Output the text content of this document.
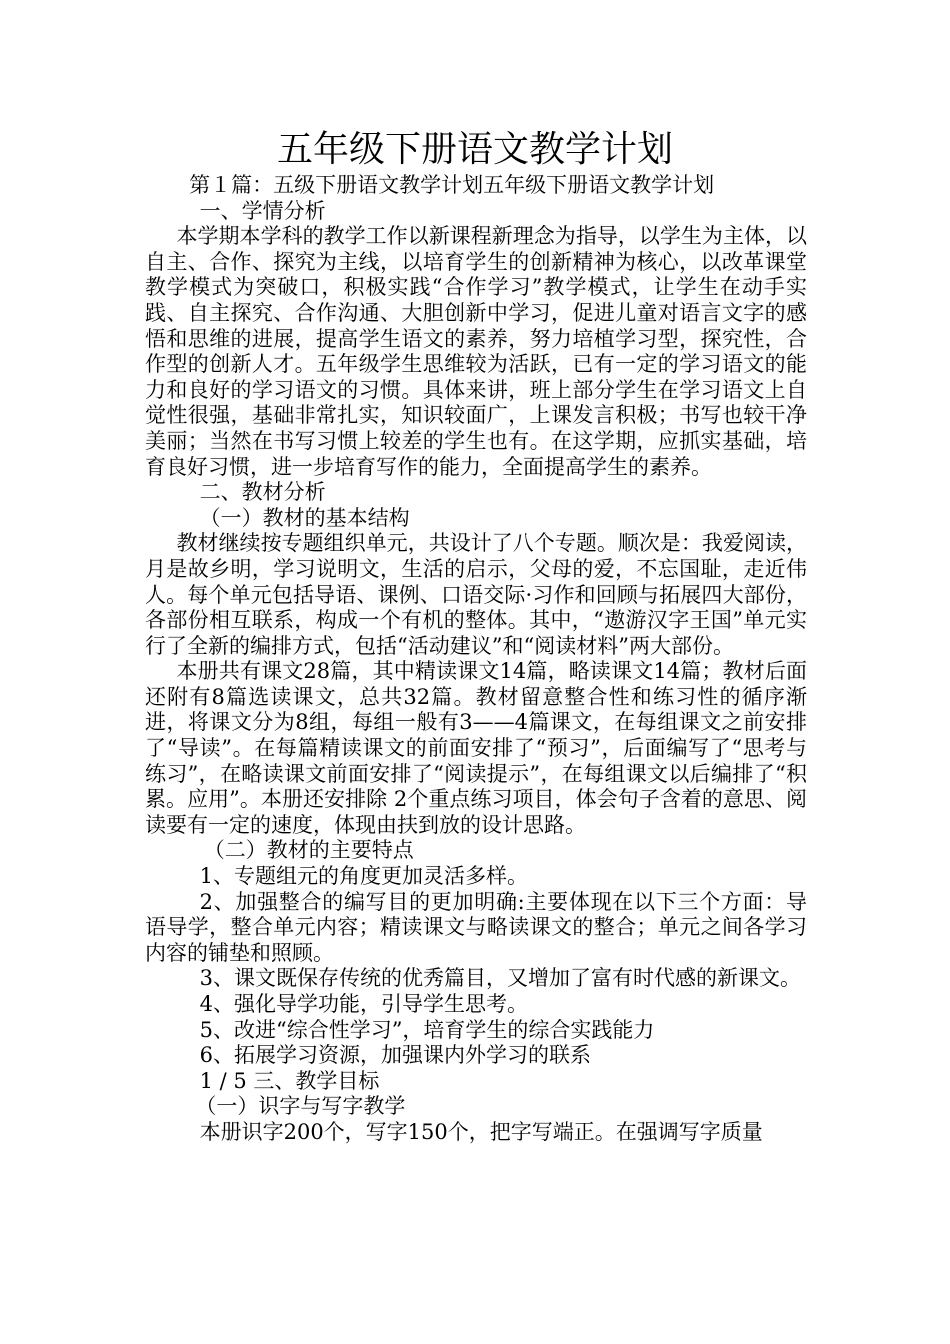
五年级下册语文教学计划

第１篇：五级下册语文教学计划五年级下册语文教学计划

一、学情分析

本学期本学科的教学工作以新课程新理念为指导，以学生为主体，以自主、合作、探究为主线，以培育学生的创新精神为核心，以改革课堂教学模式为突破口，积极实践“合作学习”教学模式，让学生在动手实践、自主探究、合作沟通、大胆创新中学习，促进儿童对语言文字的感悟和思维的进展，提高学生语文的素养，努力培植学习型，探究性，合作型的创新人才。五年级学生思维较为活跃，已有一定的学习语文的能力和良好的学习语文的习惯。具体来讲，班上部分学生在学习语文上自觉性很强，基础非常扎实，知识较面广，上课发言积极；书写也较干净美丽；当然在书写习惯上较差的学生也有。在这学期，应抓实基础，培育良好习惯，进一步培育写作的能力，全面提高学生的素养。

二、教材分析

（一）教材的基本结构

教材继续按专题组织单元，共设计了八个专题。顺次是：我爱阅读，月是故乡明，学习说明文，生活的启示，父母的爱，不忘国耻，走近伟人。每个单元包括导语、课例、口语交际·习作和回顾与拓展四大部份，各部份相互联系，构成一个有机的整体。其中，“遨游汉字王国”单元实行了全新的编排方式，包括“活动建议”和“阅读材料”两大部份。

本册共有课文28篇，其中精读课文14篇，略读课文14篇；教材后面还附有8篇选读课文，总共32篇。教材留意整合性和练习性的循序渐进，将课文分为8组，每组一般有3——4篇课文，在每组课文之前安排了“导读”。在每篇精读课文的前面安排了“预习”，后面编写了“思考与练习”，在略读课文前面安排了“阅读提示”，在每组课文以后编排了“积累。应用”。本册还安排除 2个重点练习项目，体会句子含着的意思、阅读要有一定的速度，体现由扶到放的设计思路。

（二）教材的主要特点

1、专题组元的角度更加灵活多样。

2、加强整合的编写目的更加明确:主要体现在以下三个方面：导语导学，整合单元内容；精读课文与略读课文的整合；单元之间各学习内容的铺垫和照顾。

3、课文既保存传统的优秀篇目，又增加了富有时代感的新课文。

4、强化导学功能，引导学生思考。

5、改进“综合性学习”，培育学生的综合实践能力

6、拓展学习资源，加强课内外学习的联系

1 / 5 三、教学目标

（一）识字与写字教学

本册识字200个，写字150个，把字写端正。在强调写字质量
